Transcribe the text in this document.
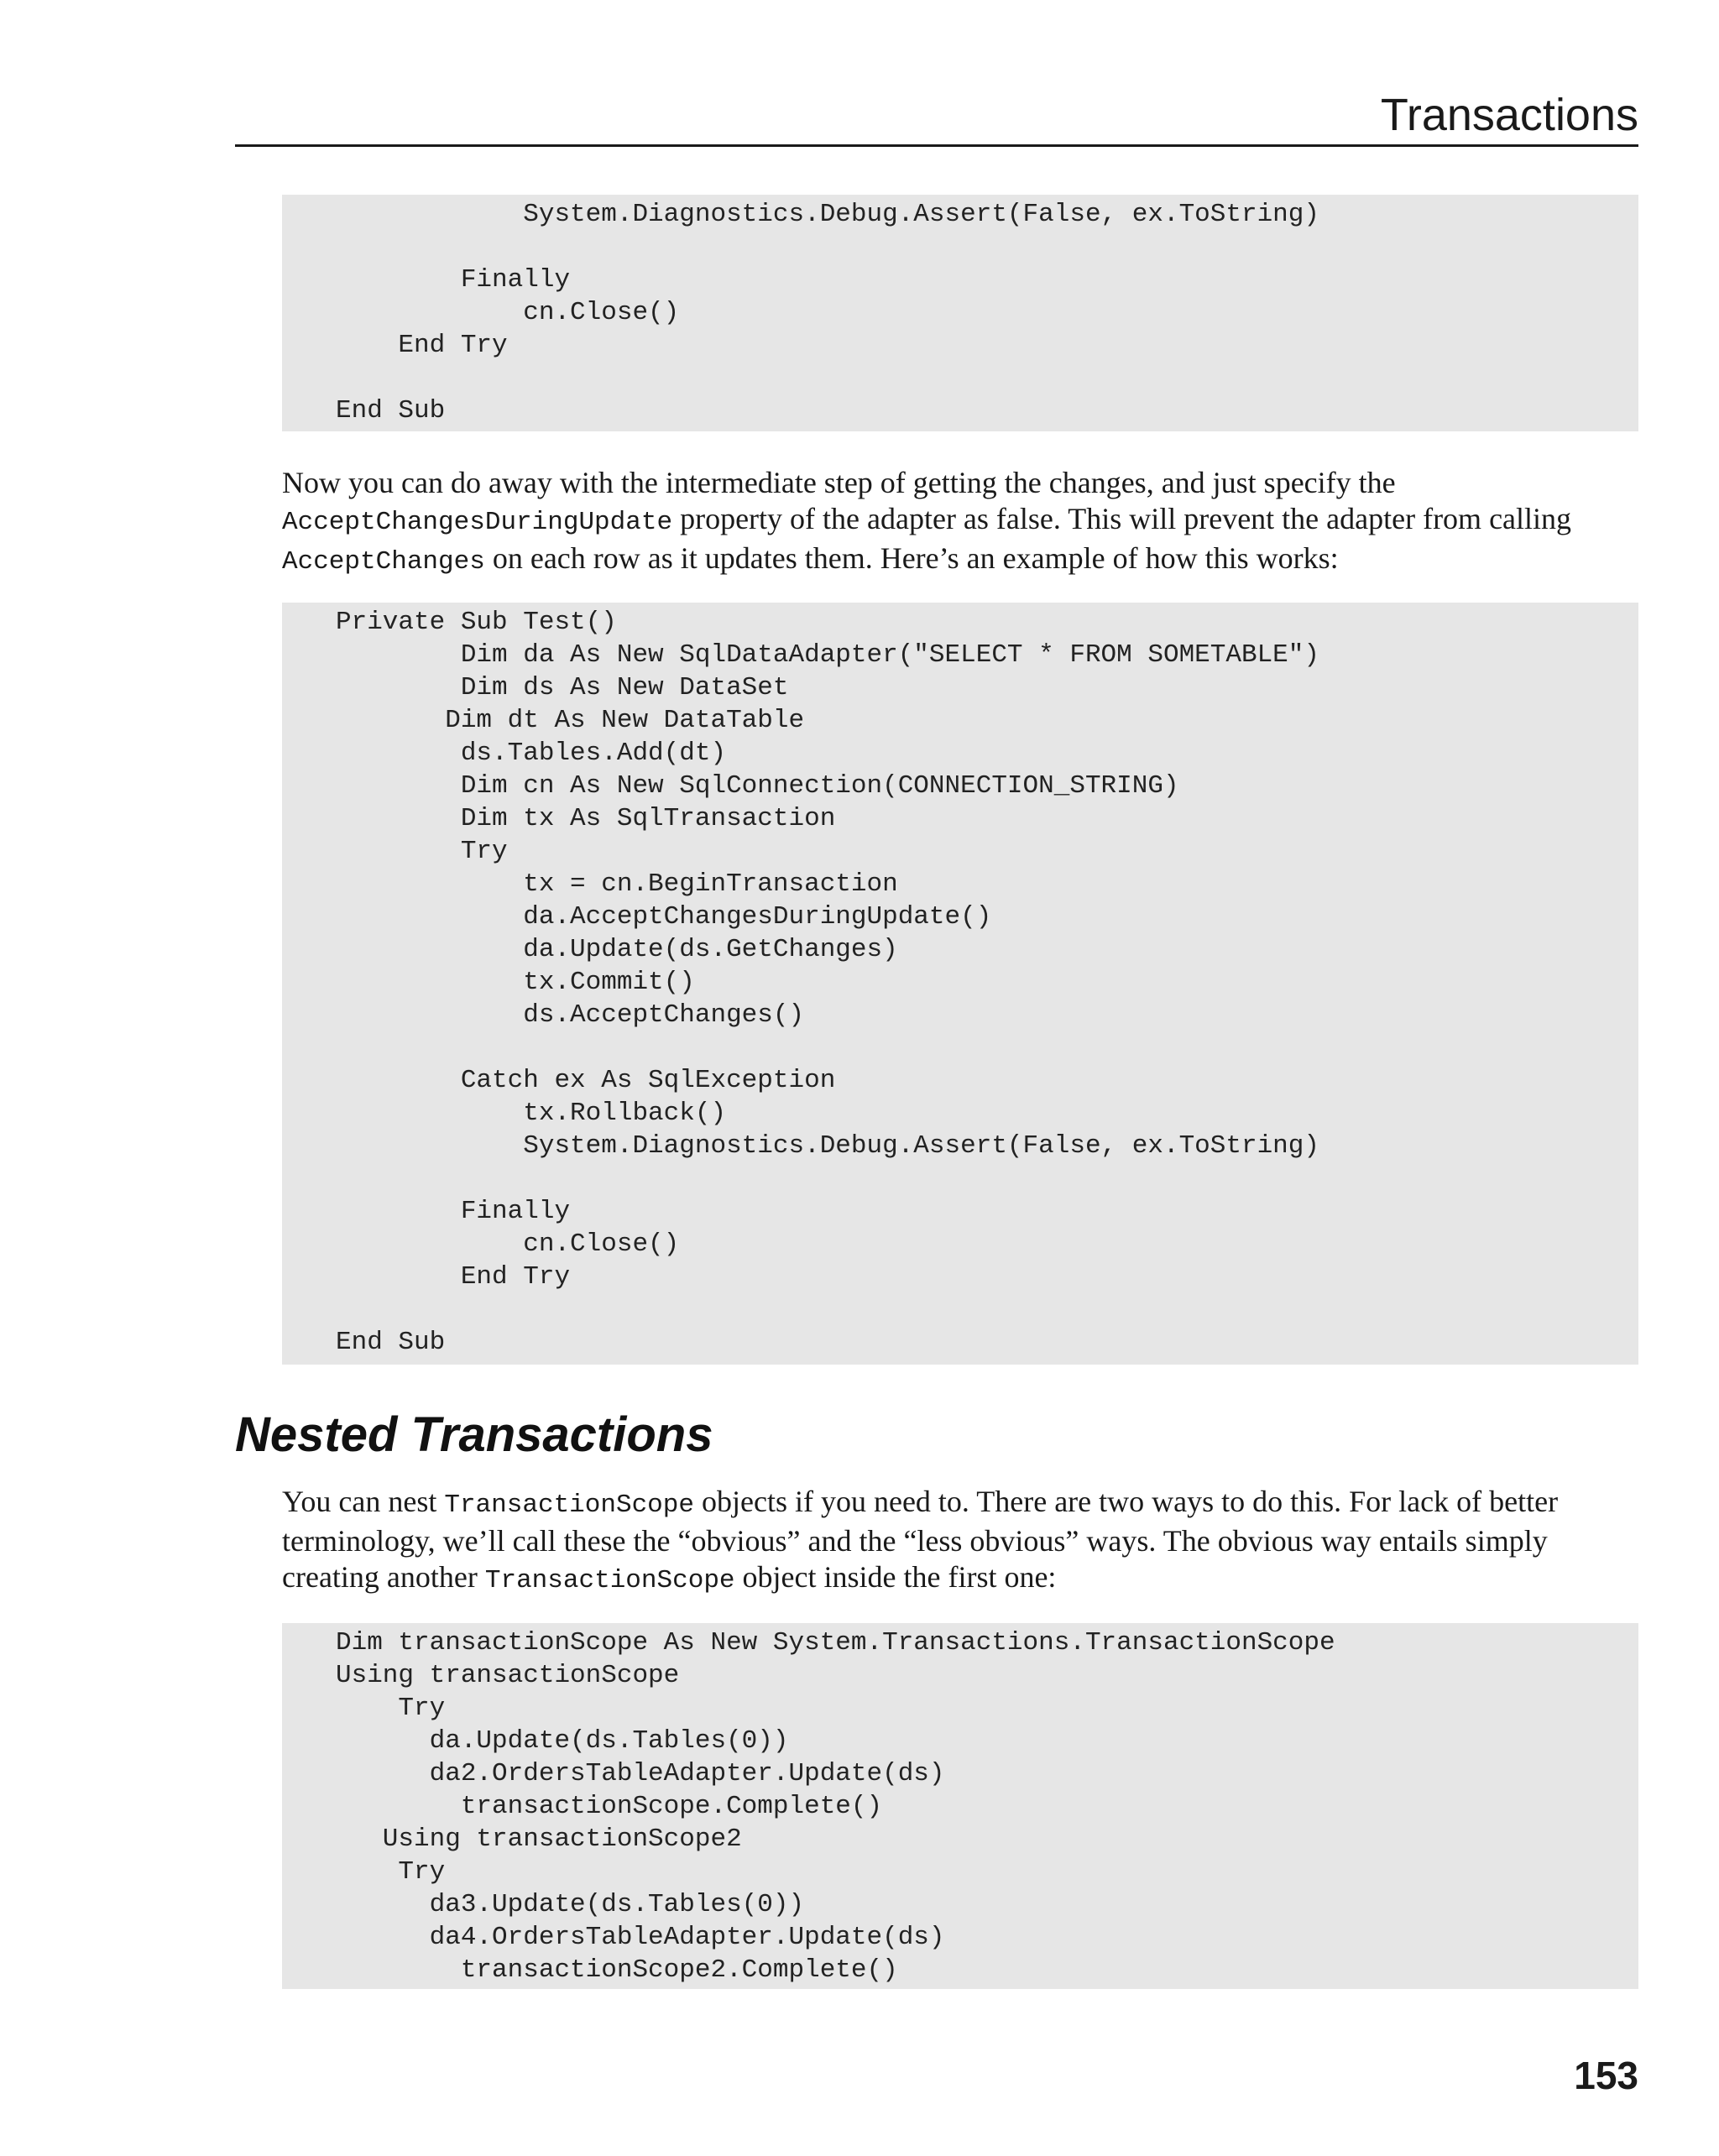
Transactions
System.Diagnostics.Debug.Assert(False, ex.ToString)
Finally
cn.Close()
End Try
End Sub

Now you can do away with the intermediate step of getting the changes, and just specify the AcceptChangesDuringUpdate property of the adapter as false. This will prevent the adapter from calling AcceptChanges on each row as it updates them. Here’s an example of how this works:

Private Sub Test()
Dim da As New SqlDataAdapter("SELECT * FROM SOMETABLE")
Dim ds As New DataSet
Dim dt As New DataTable
ds.Tables.Add(dt)
Dim cn As New SqlConnection(CONNECTION_STRING)
Dim tx As SqlTransaction
Try
tx = cn.BeginTransaction
da.AcceptChangesDuringUpdate()
da.Update(ds.GetChanges)
tx.Commit()
ds.AcceptChanges()
Catch ex As SqlException
tx.Rollback()
System.Diagnostics.Debug.Assert(False, ex.ToString)
Finally
cn.Close()
End Try
End Sub
Nested Transactions

You can nest TransactionScope objects if you need to. There are two ways to do this. For lack of better terminology, we’ll call these the “obvious” and the “less obvious” ways. The obvious way entails simply creating another TransactionScope object inside the first one:

Dim transactionScope As New System.Transactions.TransactionScope
Using transactionScope
Try
da.Update(ds.Tables(0))
da2.OrdersTableAdapter.Update(ds)
transactionScope.Complete()
Using transactionScope2
Try
da3.Update(ds.Tables(0))
da4.OrdersTableAdapter.Update(ds)
transactionScope2.Complete()
153
